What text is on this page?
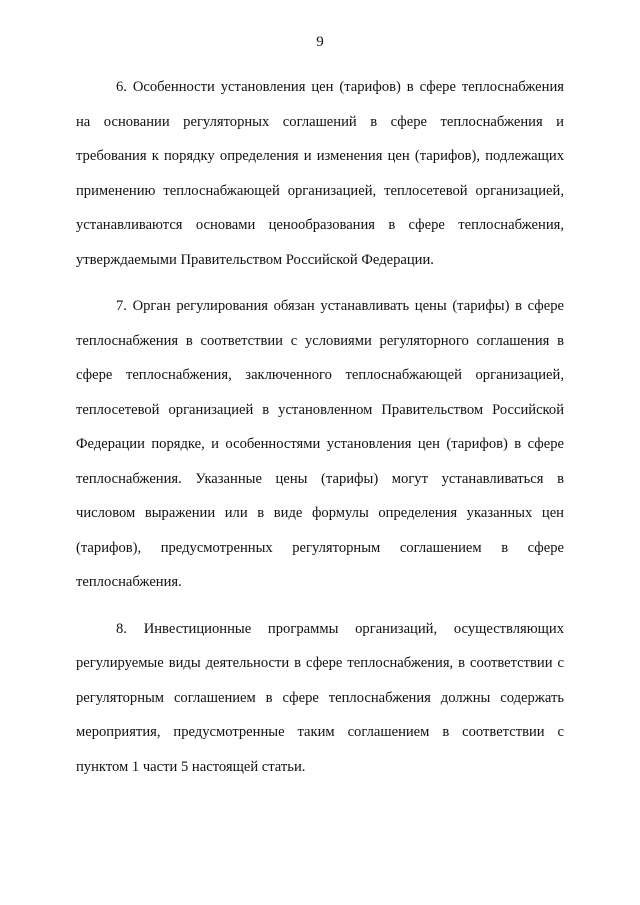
9

6. Особенности установления цен (тарифов) в сфере теплоснабжения на основании регуляторных соглашений в сфере теплоснабжения и требования к порядку определения и изменения цен (тарифов), подлежащих применению теплоснабжающей организацией, теплосетевой организацией, устанавливаются основами ценообразования в сфере теплоснабжения, утверждаемыми Правительством Российской Федерации.

7. Орган регулирования обязан устанавливать цены (тарифы) в сфере теплоснабжения в соответствии с условиями регуляторного соглашения в сфере теплоснабжения, заключенного теплоснабжающей организацией, теплосетевой организацией в установленном Правительством Российской Федерации порядке, и особенностями установления цен (тарифов) в сфере теплоснабжения. Указанные цены (тарифы) могут устанавливаться в числовом выражении или в виде формулы определения указанных цен (тарифов), предусмотренных регуляторным соглашением в сфере теплоснабжения.

8. Инвестиционные программы организаций, осуществляющих регулируемые виды деятельности в сфере теплоснабжения, в соответствии с регуляторным соглашением в сфере теплоснабжения должны содержать мероприятия, предусмотренные таким соглашением в соответствии с пунктом 1 части 5 настоящей статьи.
